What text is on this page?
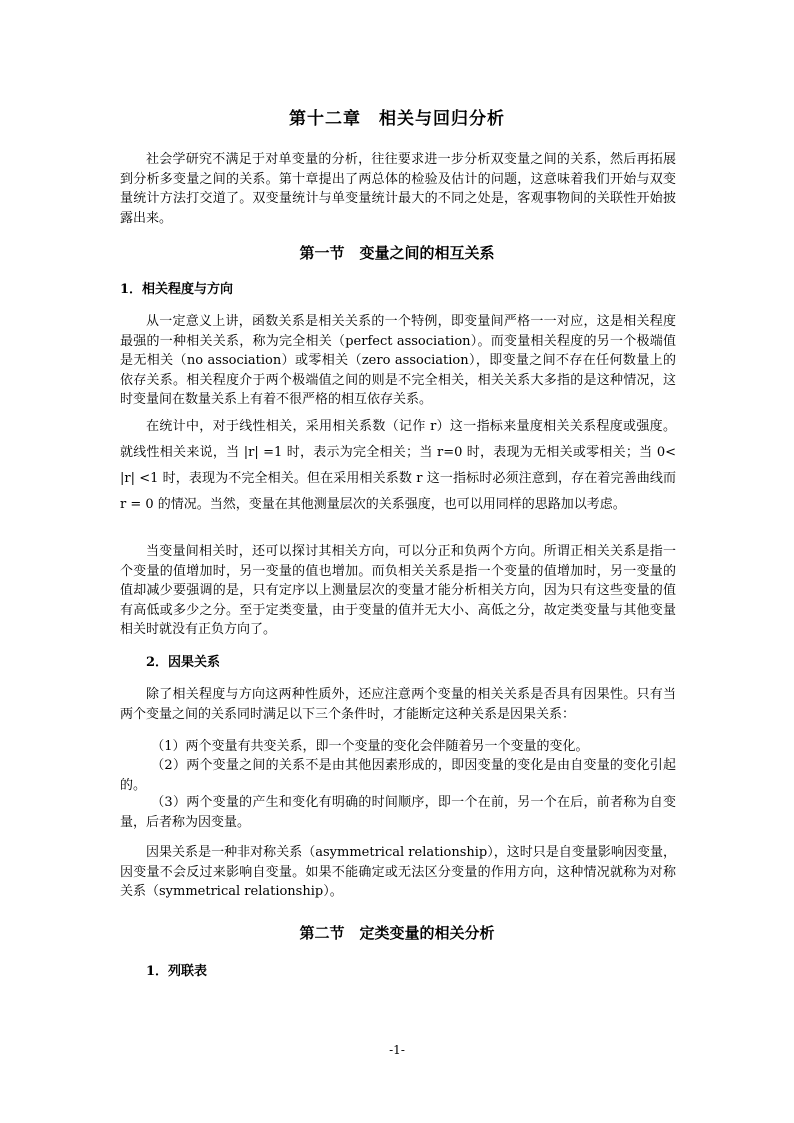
第十二章　相关与回归分析

社会学研究不满足于对单变量的分析，往往要求进一步分析双变量之间的关系，然后再拓展到分析多变量之间的关系。第十章提出了两总体的检验及估计的问题，这意味着我们开始与双变量统计方法打交道了。双变量统计与单变量统计最大的不同之处是，客观事物间的关联性开始披露出来。

第一节　变量之间的相互关系
1．相关程度与方向

从一定意义上讲，函数关系是相关关系的一个特例，即变量间严格一一对应，这是相关程度最强的一种相关关系，称为完全相关（perfect association）。而变量相关程度的另一个极端值是无相关（no association）或零相关（zero association），即变量之间不存在任何数量上的依存关系。相关程度介于两个极端值之间的则是不完全相关，相关关系大多指的是这种情况，这时变量间在数量关系上有着不很严格的相互依存关系。

在统计中，对于线性相关，采用相关系数（记作 r）这一指标来量度相关关系程度或强度。就线性相关来说，当 |r| =1 时，表示为完全相关；当 r=0 时，表现为无相关或零相关；当 0< |r| <1 时，表现为不完全相关。但在采用相关系数 r 这一指标时必须注意到，存在着完善曲线而 r = 0 的情况。当然，变量在其他测量层次的关系强度，也可以用同样的思路加以考虑。

当变量间相关时，还可以探讨其相关方向，可以分正和负两个方向。所谓正相关关系是指一个变量的值增加时，另一变量的值也增加。而负相关关系是指一个变量的值增加时，另一变量的值却减少要强调的是，只有定序以上测量层次的变量才能分析相关方向，因为只有这些变量的值有高低或多少之分。至于定类变量，由于变量的值并无大小、高低之分，故定类变量与其他变量相关时就没有正负方向了。

2．因果关系

除了相关程度与方向这两种性质外，还应注意两个变量的相关关系是否具有因果性。只有当两个变量之间的关系同时满足以下三个条件时，才能断定这种关系是因果关系：

（1）两个变量有共变关系，即一个变量的变化会伴随着另一个变量的变化。

（2）两个变量之间的关系不是由其他因素形成的，即因变量的变化是由自变量的变化引起的。

（3）两个变量的产生和变化有明确的时间顺序，即一个在前，另一个在后，前者称为自变量，后者称为因变量。

因果关系是一种非对称关系（asymmetrical relationship），这时只是自变量影响因变量，因变量不会反过来影响自变量。如果不能确定或无法区分变量的作用方向，这种情况就称为对称关系（symmetrical relationship）。

第二节　定类变量的相关分析
1．列联表
-1-
